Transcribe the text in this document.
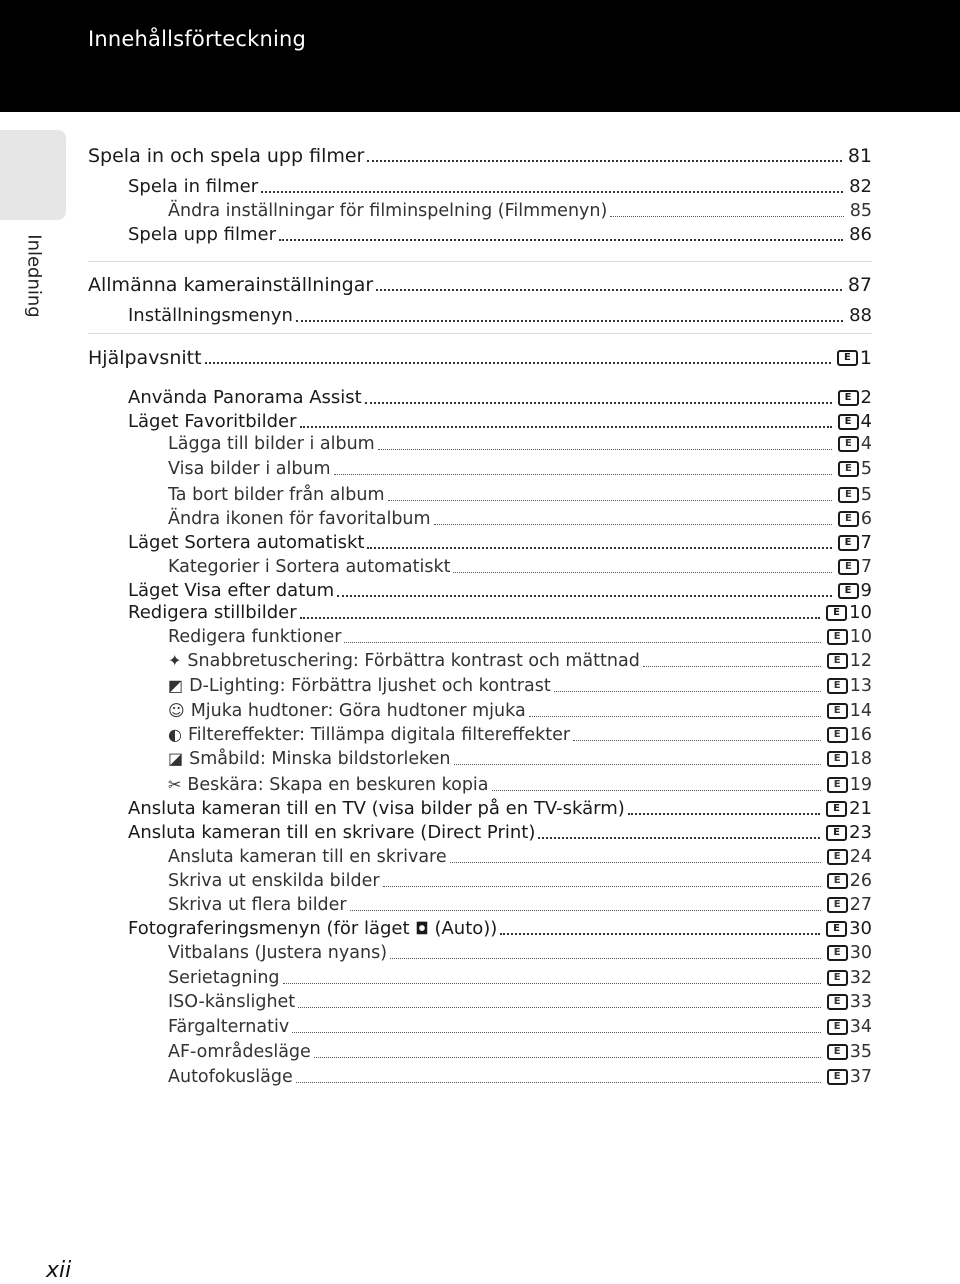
Innehållsförteckning
Inledning
Spela in och spela upp filmer	81
Spela in filmer	82
Ändra inställningar för filminspelning (Filmmenyn)	85
Spela upp filmer	86
Allmänna kamerainställningar	87
Inställningsmenyn	88
Hjälpavsnitt	E 1
Använda Panorama Assist	E 2
Läget Favoritbilder	E 4
Lägga till bilder i album	E 4
Visa bilder i album	E 5
Ta bort bilder från album	E 5
Ändra ikonen för favoritalbum	E 6
Läget Sortera automatiskt	E 7
Kategorier i Sortera automatiskt	E 7
Läget Visa efter datum	E 9
Redigera stillbilder	E 10
Redigera funktioner	E 10
✦ Snabbretuschering: Förbättra kontrast och mättnad	E 12
◩ D-Lighting: Förbättra ljushet och kontrast	E 13
☺ Mjuka hudtoner: Göra hudtoner mjuka	E 14
◐ Filtereffekter: Tillämpa digitala filtereffekter	E 16
◪ Småbild: Minska bildstorleken	E 18
✂ Beskära: Skapa en beskuren kopia	E 19
Ansluta kameran till en TV (visa bilder på en TV-skärm)	E 21
Ansluta kameran till en skrivare (Direct Print)	E 23
Ansluta kameran till en skrivare	E 24
Skriva ut enskilda bilder	E 26
Skriva ut flera bilder	E 27
Fotograferingsmenyn (för läget ◘ (Auto))	E 30
Vitbalans (Justera nyans)	E 30
Serietagning	E 32
ISO-känslighet	E 33
Färgalternativ	E 34
AF-områdesläge	E 35
Autofokusläge	E 37
xii
